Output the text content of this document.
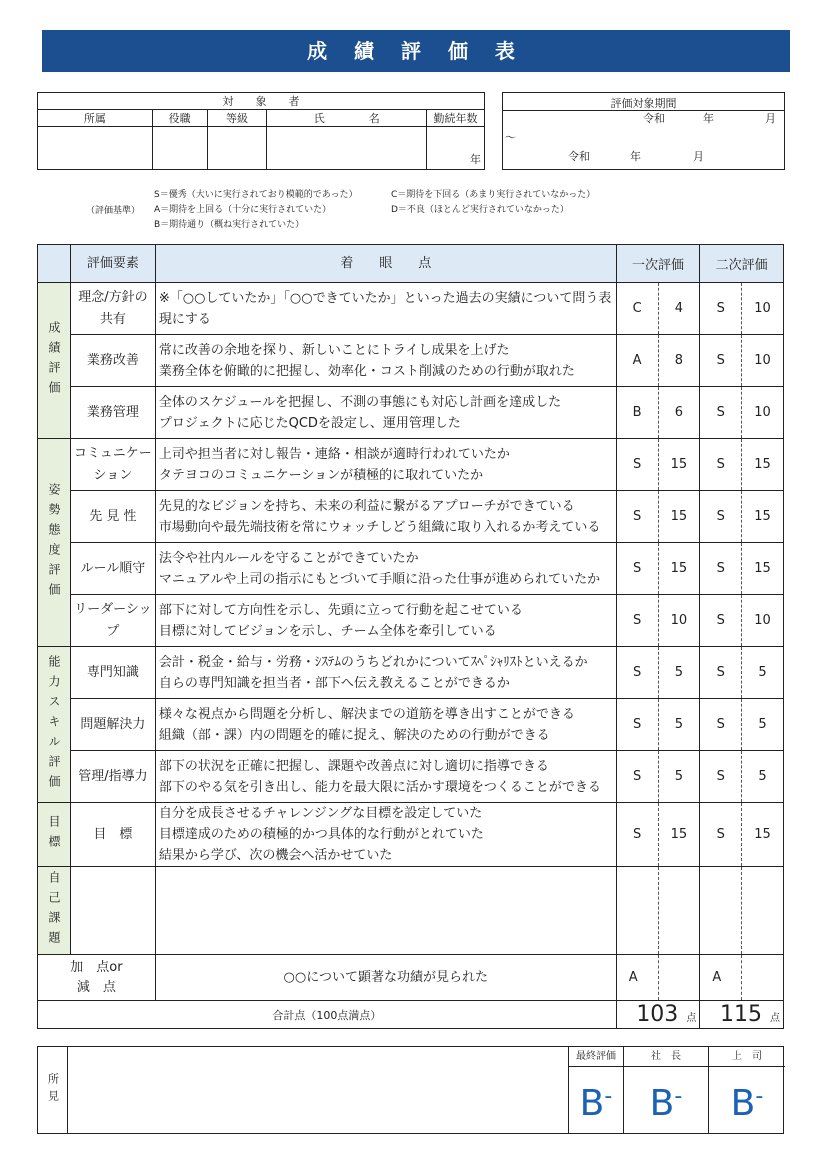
成 績 評 価 表
対　　象　　者				
所属	役職	等級	氏　　　　名	勤続年数
				年
評価対象期間
令和	年	月
〜
令和	年	月
（評価基準）
S＝優秀（大いに実行されており模範的であった）
A＝期待を上回る（十分に実行されていた）
B＝期待通り（概ね実行されていた）
C＝期待を下回る（あまり実行されていなかった）
D＝不良（ほとんど実行されていなかった）
	評価要素	着　　眼　　点	一次評価		二次評価	
成績評価	理念/方針の共有	※「○○していたか」「○○できていたか」といった過去の実績について問う表現にする	C	4	S	10
	業務改善	常に改善の余地を探り、新しいことにトライし成果を上げた
業務全体を俯瞰的に把握し、効率化・コスト削減のための行動が取れた	A	8	S	10
	業務管理	全体のスケジュールを把握し、不測の事態にも対応し計画を達成した
プロジェクトに応じたQCDを設定し、運用管理した	B	6	S	10
姿勢態度評価	コミュニケーション	上司や担当者に対し報告・連絡・相談が適時行われていたか
タテヨコのコミュニケーションが積極的に取れていたか	S	15	S	15
	先 見 性	先見的なビジョンを持ち、未来の利益に繋がるアプローチができている
市場動向や最先端技術を常にウォッチしどう組織に取り入れるか考えている	S	15	S	15
	ルール順守	法令や社内ルールを守ることができていたか
マニュアルや上司の指示にもとづいて手順に沿った仕事が進められていたか	S	15	S	15
	リーダーシップ	部下に対して方向性を示し、先頭に立って行動を起こせている
目標に対してビジョンを示し、チーム全体を牽引している	S	10	S	10
能力スキル評価	専門知識	会計・税金・給与・労務・ｼｽﾃﾑのうちどれかについてｽﾍﾟｼｬﾘｽﾄといえるか
自らの専門知識を担当者・部下へ伝え教えることができるか	S	5	S	5
	問題解決力	様々な視点から問題を分析し、解決までの道筋を導き出すことができる
組織（部・課）内の問題を的確に捉え、解決のための行動ができる	S	5	S	5
	管理/指導力	部下の状況を正確に把握し、課題や改善点に対し適切に指導できる
部下のやる気を引き出し、能力を最大限に活かす環境をつくることができる	S	5	S	5
目標	目　標	自分を成長させるチャレンジングな目標を設定していた
目標達成のための積極的かつ具体的な行動がとれていた
結果から学び、次の機会へ活かせていた	S	15	S	15
自己課題						
加　点or
減　点		○○について顕著な功績が見られた	A		A	
合計点（100点満点）			103 点		115 点	
所見
最終評価
B-
社　長
B-
上　司
B-
